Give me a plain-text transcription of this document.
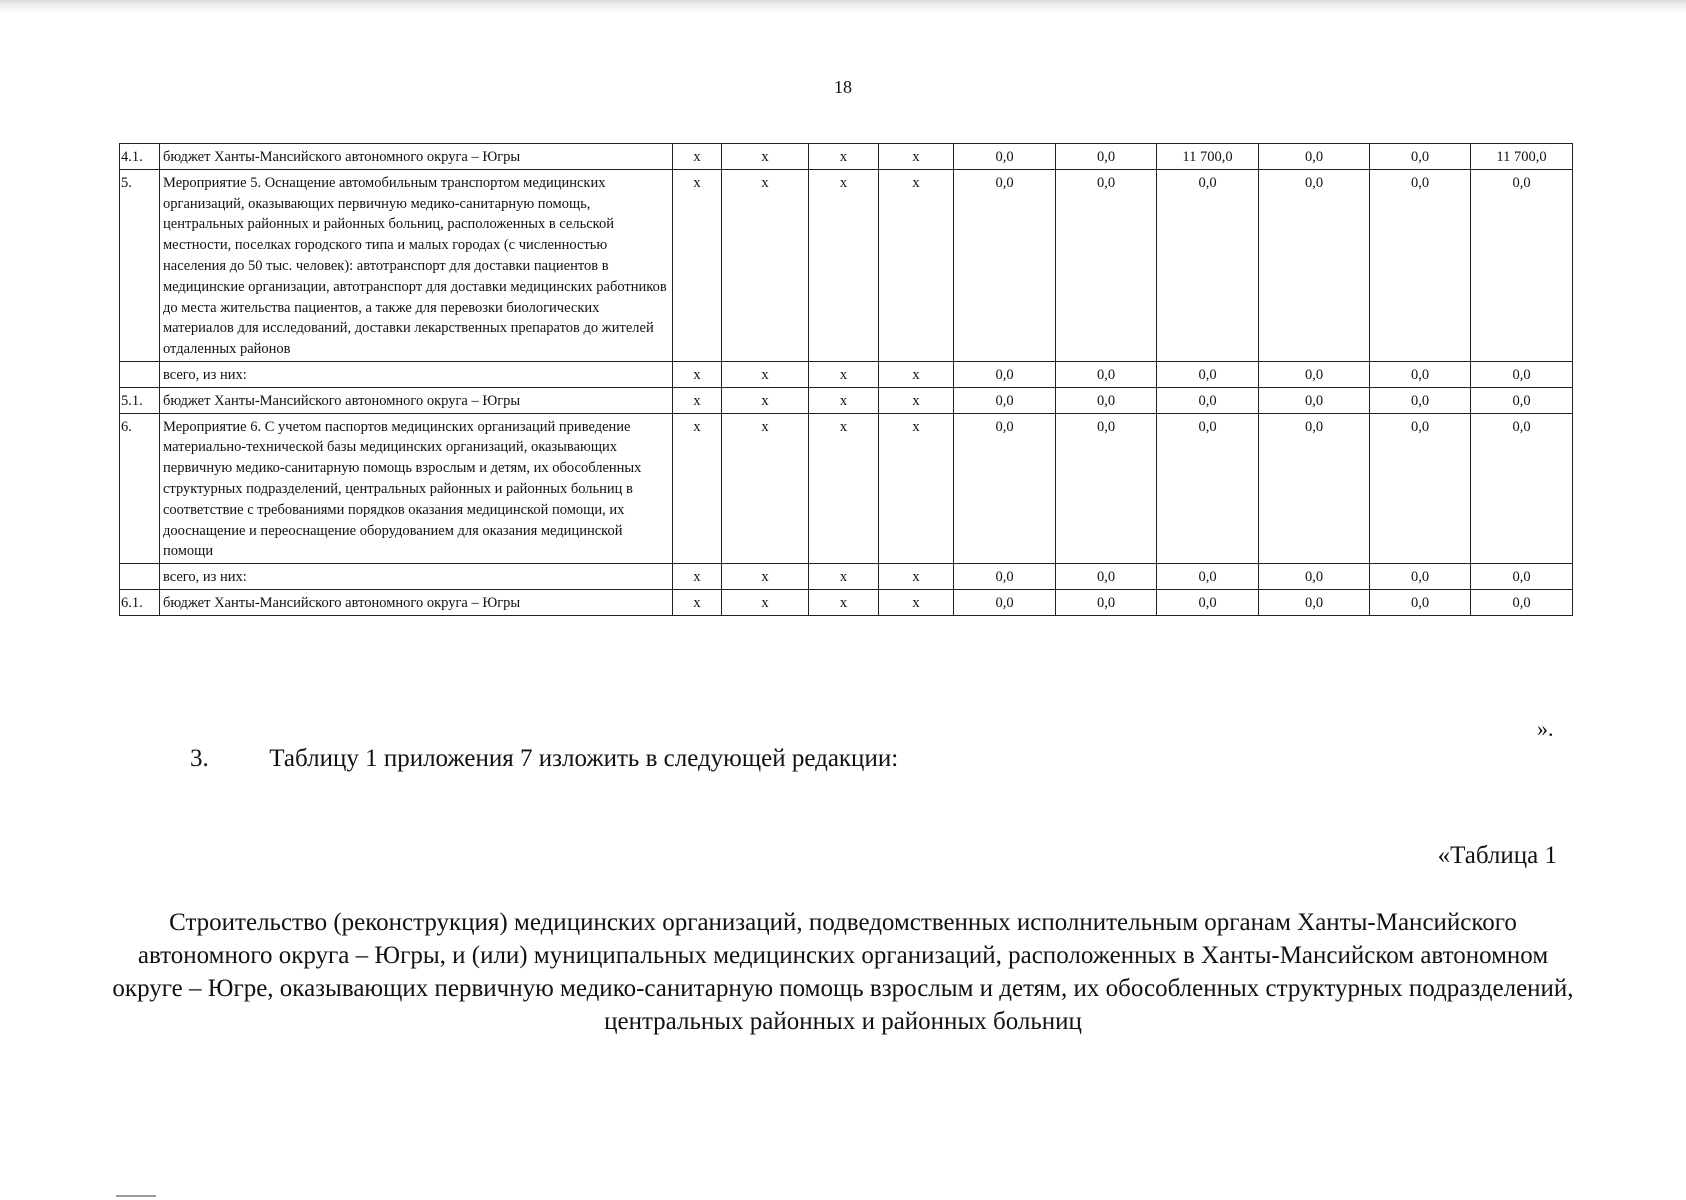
18
4.1.	бюджет Ханты-Мансийского автономного округа – Югры	х	х	х	х	0,0	0,0	11 700,0	0,0	0,0	11 700,0
5.	Мероприятие 5. Оснащение автомобильным транспортом медицинских организаций, оказывающих первичную медико-санитарную помощь, центральных районных и районных больниц, расположенных в сельской местности, поселках городского типа и малых городах (с численностью населения до 50 тыс. человек): автотранспорт для доставки пациентов в медицинские организации, автотранспорт для доставки медицинских работников до места жительства пациентов, а также для перевозки биологических материалов для исследований, доставки лекарственных препаратов до жителей отдаленных районов	х	х	х	х	0,0	0,0	0,0	0,0	0,0	0,0
	всего, из них:	х	х	х	х	0,0	0,0	0,0	0,0	0,0	0,0
5.1.	бюджет Ханты-Мансийского автономного округа – Югры	х	х	х	х	0,0	0,0	0,0	0,0	0,0	0,0
6.	Мероприятие 6. С учетом паспортов медицинских организаций приведение материально-технической базы медицинских организаций, оказывающих первичную медико-санитарную помощь взрослым и детям, их обособленных структурных подразделений, центральных районных и районных больниц в соответствие с требованиями порядков оказания медицинской помощи, их дооснащение и переоснащение оборудованием для оказания медицинской помощи	х	х	х	х	0,0	0,0	0,0	0,0	0,0	0,0
	всего, из них:	х	х	х	х	0,0	0,0	0,0	0,0	0,0	0,0
6.1.	бюджет Ханты-Мансийского автономного округа – Югры	х	х	х	х	0,0	0,0	0,0	0,0	0,0	0,0
».
3. Таблицу 1 приложения 7 изложить в следующей редакции:
«Таблица 1
Строительство (реконструкция) медицинских организаций, подведомственных исполнительным органам Ханты-Мансийского автономного округа – Югры, и (или) муниципальных медицинских организаций, расположенных в Ханты-Мансийском автономном округе – Югре, оказывающих первичную медико-санитарную помощь взрослым и детям, их обособленных структурных подразделений, центральных районных и районных больниц
